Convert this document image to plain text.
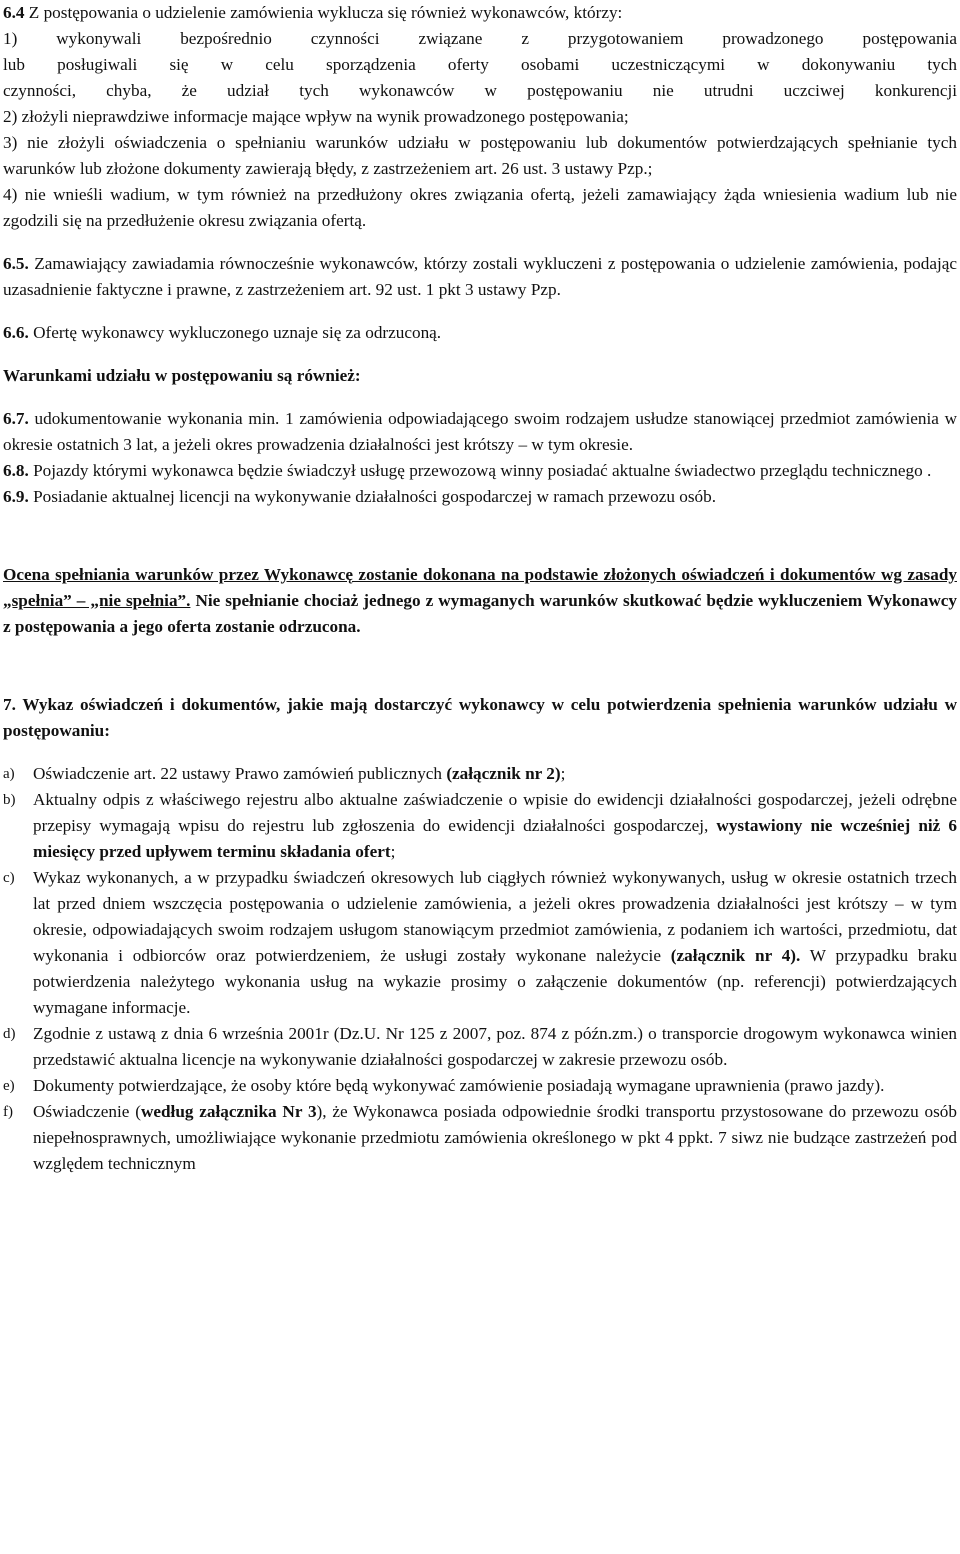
6.4 Z postępowania o udzielenie zamówienia wyklucza się również wykonawców, którzy:

1) wykonywali bezpośrednio czynności związane z przygotowaniem prowadzonego postępowania

lub posługiwali się w celu sporządzenia oferty osobami uczestniczącymi w dokonywaniu tych

czynności, chyba, że udział tych wykonawców w postępowaniu nie utrudni uczciwej konkurencji

2) złożyli nieprawdziwe informacje mające wpływ na wynik prowadzonego postępowania;

3) nie złożyli oświadczenia o spełnianiu warunków udziału w postępowaniu lub dokumentów potwierdzających spełnianie tych warunków lub złożone dokumenty zawierają błędy, z zastrzeżeniem art. 26 ust. 3 ustawy Pzp.;

4) nie wnieśli wadium, w tym również na przedłużony okres związania ofertą, jeżeli zamawiający żąda wniesienia wadium lub nie zgodzili się na przedłużenie okresu związania ofertą.

6.5. Zamawiający zawiadamia równocześnie wykonawców, którzy zostali wykluczeni z postępowania o udzielenie zamówienia, podając uzasadnienie faktyczne i prawne, z zastrzeżeniem art. 92 ust. 1 pkt 3 ustawy Pzp.

6.6. Ofertę wykonawcy wykluczonego uznaje się za odrzuconą.

Warunkami udziału w postępowaniu są również:

6.7. udokumentowanie wykonania min. 1 zamówienia odpowiadającego swoim rodzajem usłudze stanowiącej przedmiot zamówienia w okresie ostatnich 3 lat, a jeżeli okres prowadzenia działalności jest krótszy – w tym okresie.

6.8. Pojazdy którymi wykonawca będzie świadczył usługę przewozową winny posiadać aktualne świadectwo przeglądu technicznego .

6.9. Posiadanie aktualnej licencji na wykonywanie działalności gospodarczej w ramach przewozu osób.

Ocena spełniania warunków przez Wykonawcę zostanie dokonana na podstawie złożonych oświadczeń i dokumentów wg zasady „spełnia” – „nie spełnia”. Nie spełnianie chociaż jednego z wymaganych warunków skutkować będzie wykluczeniem Wykonawcy z postępowania a jego oferta zostanie odrzucona.

7. Wykaz oświadczeń i dokumentów, jakie mają dostarczyć wykonawcy w celu potwierdzenia spełnienia warunków udziału w postępowaniu:

a)	Oświadczenie art. 22 ustawy Prawo zamówień publicznych (załącznik nr 2);
b)	Aktualny odpis z właściwego rejestru albo aktualne zaświadczenie o wpisie do ewidencji działalności gospodarczej, jeżeli odrębne przepisy wymagają wpisu do rejestru lub zgłoszenia do ewidencji działalności gospodarczej, wystawiony nie wcześniej niż 6 miesięcy przed upływem terminu składania ofert;
c)	Wykaz wykonanych, a w przypadku świadczeń okresowych lub ciągłych również wykonywanych, usług w okresie ostatnich trzech lat przed dniem wszczęcia postępowania o udzielenie zamówienia, a jeżeli okres prowadzenia działalności jest krótszy – w tym okresie, odpowiadających swoim rodzajem usługom stanowiącym przedmiot zamówienia, z podaniem ich wartości, przedmiotu, dat wykonania i odbiorców oraz potwierdzeniem, że usługi zostały wykonane należycie (załącznik nr 4). W przypadku braku potwierdzenia należytego wykonania usług na wykazie prosimy o załączenie dokumentów (np. referencji) potwierdzających wymagane informacje.
d)	Zgodnie z ustawą z dnia 6 września 2001r (Dz.U. Nr 125 z 2007, poz. 874 z późn.zm.) o transporcie drogowym wykonawca winien przedstawić aktualna licencje na wykonywanie działalności gospodarczej w zakresie przewozu osób.
e)	Dokumenty potwierdzające, że osoby które będą wykonywać zamówienie posiadają wymagane uprawnienia (prawo jazdy).
f)	Oświadczenie (według załącznika Nr 3), że Wykonawca posiada odpowiednie środki transportu przystosowane do przewozu osób niepełnosprawnych, umożliwiające wykonanie przedmiotu zamówienia określonego w pkt 4 ppkt. 7 siwz nie budzące zastrzeżeń pod względem technicznym
